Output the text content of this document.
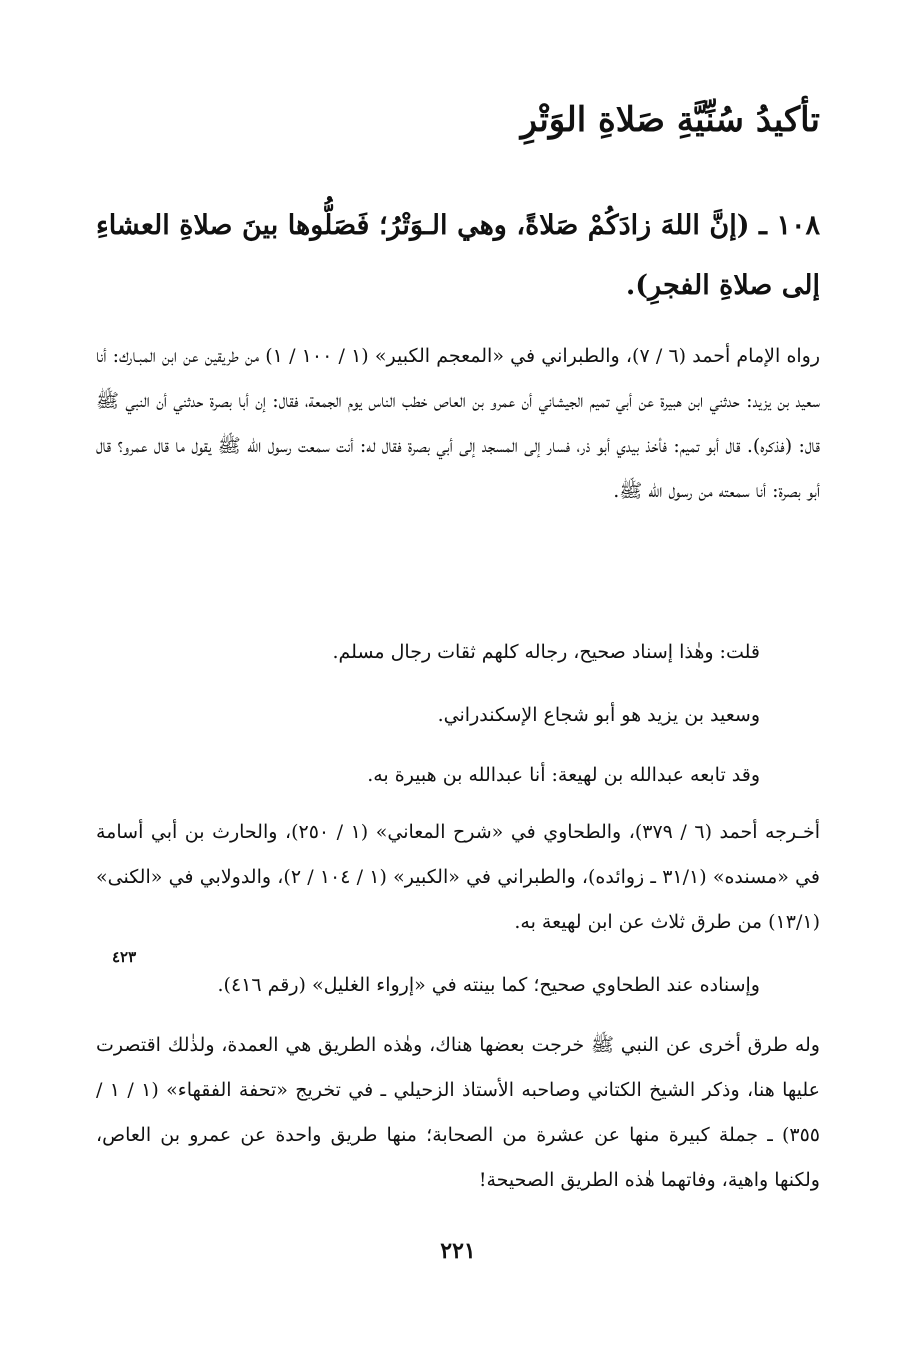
تأكيدُ سُنِّيَّةِ صَلاةِ الوَتْرِ

١٠٨ ـ (إنَّ اللهَ زادَكُمْ صَلاةً، وهي الـوَتْرُ؛ فَصَلُّوها بينَ صلاةِ العشاءِ إلى صلاةِ الفجرِ).

رواه الإمام أحمد (٦ / ٧)، والطبراني في «المعجم الكبير» (١ / ١٠٠ / ١) من طريقين عن ابن المبـارك: أنا سعيد بن يزيد: حدثني ابن هبيرة عن أبي تميم الجيشاني أن عمرو بن العاص خطب الناس يوم الجمعة، فقال: إن أبا بصرة حدثني أن النبي ﷺ قال: (فذكره). قال أبو تميم: فأخذ بيدي أبو ذر، فسار إلى المسجد إلى أبي بصرة فقال له: أنت سمعت رسول الله ﷺ يقول ما قال عمرو؟ قال أبو بصرة: أنا سمعته من رسول الله ﷺ.

قلت: وهٰذا إسناد صحيح، رجاله كلهم ثقات رجال مسلم.

وسعيد بن يزيد هو أبو شجاع الإسكندراني.

وقد تابعه عبدالله بن لهيعة: أنا عبدالله بن هبيرة به.

أخـرجه أحمد (٦ / ٣٧٩)، والطحاوي في «شرح المعاني» (١ / ٢٥٠)، والحارث بن أبي أسامة في «مسنده» (٣١/١ ـ زوائده)، والطبراني في «الكبير» (١ / ١٠٤ / ٢)، والدولابي في «الكنى» (١٣/١) من طرق ثلاث عن ابن لهيعة به.

وإسناده عند الطحاوي صحيح؛ كما بينته في «إرواء الغليل» (رقم ٤١٦).

وله طرق أخرى عن النبي ﷺ خرجت بعضها هناك، وهٰذه الطريق هي العمدة، ولذٰلك اقتصرت عليها هنا، وذكر الشيخ الكتاني وصاحبه الأستاذ الزحيلي ـ في تخريج «تحفة الفقهاء» (١ / ١ / ٣٥٥) ـ جملة كبيرة منها عن عشرة من الصحابة؛ منها طريق واحدة عن عمرو بن العاص، ولكنها واهية، وفاتهما هٰذه الطريق الصحيحة!

٤٢٣
٢٢١
